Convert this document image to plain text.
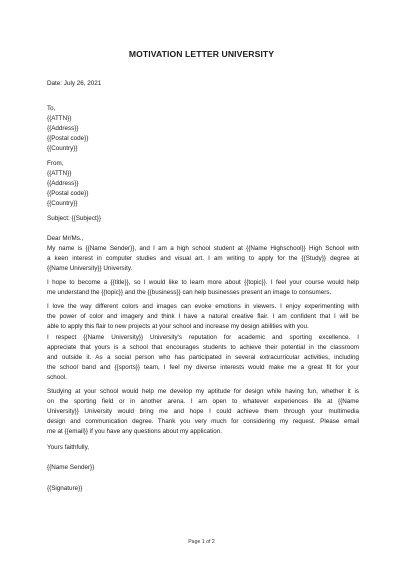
MOTIVATION LETTER UNIVERSITY
Date: July 26, 2021
To,
{{ATTN}}
{{Address}}
{{Postal code}}
{{Country}}
From,
{{ATTN}}
{{Address}}
{{Postal code}}
{{Country}}
Subject: {{Subject}}
Dear Mr/Ms.,
My name is {{Name Sender}}, and I am a high school student at {{Name Highschool}} High School with
a keen interest in computer studies and visual art. I am writing to apply for the {{Study}} degree at
{{Name University}} University.
I hope to become a {{title}}, so I would like to learn more about {{topic}}. I feel your course would help
me understand the {{topic}} and the {{business}} can help businesses present an image to consumers.
I love the way different colors and images can evoke emotions in viewers. I enjoy experimenting with
the power of color and imagery and think I have a natural creative flair. I am confident that I will be
able to apply this flair to new projects at your school and increase my design abilities with you.
I respect {{Name University}} University's reputation for academic and sporting excellence. I
appreciate that yours is a school that encourages students to achieve their potential in the classroom
and outside it. As a social person who has participated in several extracurricular activities, including
the school band and {{sports}} team, I feel my diverse interests would make me a great fit for your
school.
Studying at your school would help me develop my aptitude for design while having fun, whether it is
on the sporting field or in another arena. I am open to whatever experiences life at {{Name
University}} University would bring me and hope I could achieve them through your multimedia
design and communication degree. Thank you very much for considering my request. Please email
me at {{email}} if you have any questions about my application.
Yours faithfully,
{{Name Sender}}
{{Signature}}
Page 1 of 2
